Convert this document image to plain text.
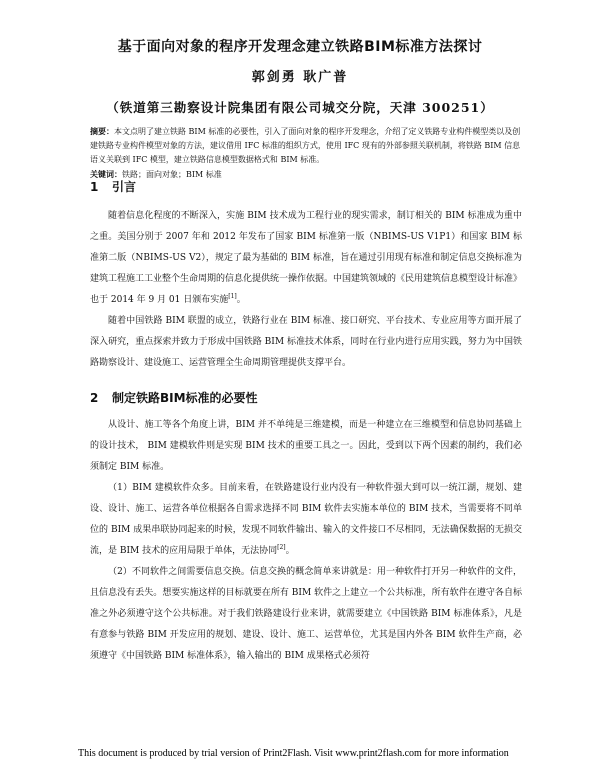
基于面向对象的程序开发理念建立铁路BIM标准方法探讨
郭剑勇 耿广普
（铁道第三勘察设计院集团有限公司城交分院，天津 300251）
摘要：本文点明了建立铁路 BIM 标准的必要性，引入了面向对象的程序开发理念，介绍了定义铁路专业构件模型类以及创建铁路专业构件模型对象的方法，建议借用 IFC 标准的组织方式，使用 IFC 现有的外部参照关联机制，将铁路 BIM 信息语义关联到 IFC 模型，建立铁路信息模型数据格式和 BIM 标准。
关键词：铁路；面向对象；BIM 标准
1 引言

随着信息化程度的不断深入，实施 BIM 技术成为工程行业的现实需求，制订相关的 BIM 标准成为重中之重。美国分别于 2007 年和 2012 年发布了国家 BIM 标准第一版（NBIMS-US V1P1）和国家 BIM 标准第二版（NBIMS-US V2），规定了最为基础的 BIM 标准，旨在通过引用现有标准和制定信息交换标准为建筑工程施工工业整个生命周期的信息化提供统一操作依据。中国建筑领域的《民用建筑信息模型设计标准》也于 2014 年 9 月 01 日颁布实施[1]。

随着中国铁路 BIM 联盟的成立，铁路行业在 BIM 标准、接口研究、平台技术、专业应用等方面开展了深入研究，重点探索并致力于形成中国铁路 BIM 标准技术体系，同时在行业内进行应用实践，努力为中国铁路勘察设计、建设施工、运营管理全生命周期管理提供支撑平台。

2 制定铁路BIM标准的必要性

从设计、施工等各个角度上讲，BIM 并不单纯是三维建模，而是一种建立在三维模型和信息协同基础上的设计技术， BIM 建模软件则是实现 BIM 技术的重要工具之一。因此，受到以下两个因素的制约，我们必须制定 BIM 标准。

（1）BIM 建模软件众多。目前来看，在铁路建设行业内没有一种软件强大到可以一统江湖，规划、建设、设计、施工、运营各单位根据各自需求选择不同 BIM 软件去实施本单位的 BIM 技术，当需要将不同单位的 BIM 成果串联协同起来的时候，发现不同软件输出、输入的文件接口不尽相同，无法确保数据的无损交流，是 BIM 技术的应用局限于单体，无法协同[2]。

（2）不同软件之间需要信息交换。信息交换的概念简单来讲就是：用一种软件打开另一种软件的文件，且信息没有丢失。想要实施这样的目标就要在所有 BIM 软件之上建立一个公共标准，所有软件在遵守各自标准之外必须遵守这个公共标准。对于我们铁路建设行业来讲，就需要建立《中国铁路 BIM 标准体系》，凡是有意参与铁路 BIM 开发应用的规划、建设、设计、施工、运营单位，尤其是国内外各 BIM 软件生产商，必须遵守《中国铁路 BIM 标准体系》，输入输出的 BIM 成果格式必须符

This document is produced by trial version of Print2Flash. Visit www.print2flash.com for more information
